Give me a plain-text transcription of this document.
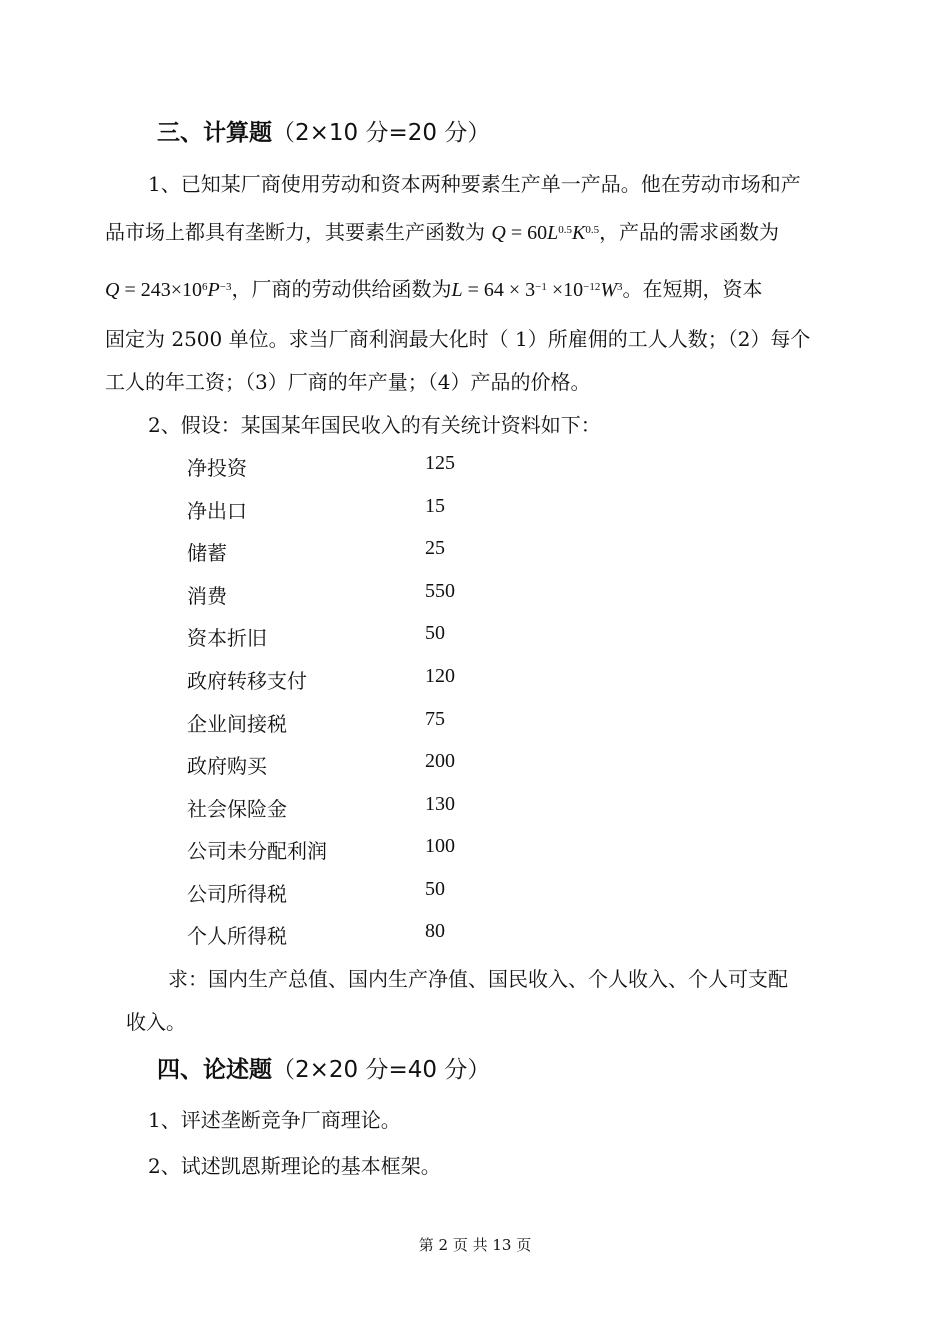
三、计算题（2×10 分=20 分）
1、已知某厂商使用劳动和资本两种要素生产单一产品。他在劳动市场和产
品市场上都具有垄断力，其要素生产函数为 $Q = 60L^{0.5}K^{0.5}$，产品的需求函数为
$Q = 243\times 10^6P^{-3}$，厂商的劳动供给函数为$L = 64 \times 3^{-1} \times 10^{-12}W^3$。在短期，资本
固定为 2500 单位。求当厂商利润最大化时（ 1）所雇佣的工人人数；（2）每个
工人的年工资；（3）厂商的年产量；（4）产品的价格。
2、假设：某国某年国民收入的有关统计资料如下：
净投资	125
净出口	15
储蓄	25
消费	550
资本折旧	50
政府转移支付	120
企业间接税	75
政府购买	200
社会保险金	130
公司未分配利润	100
公司所得税	50
个人所得税	80
求：国内生产总值、国内生产净值、国民收入、个人收入、个人可支配
收入。
四、论述题（2×20 分=40 分）
1、评述垄断竞争厂商理论。
2、试述凯恩斯理论的基本框架。
第 2 页 共 13 页
